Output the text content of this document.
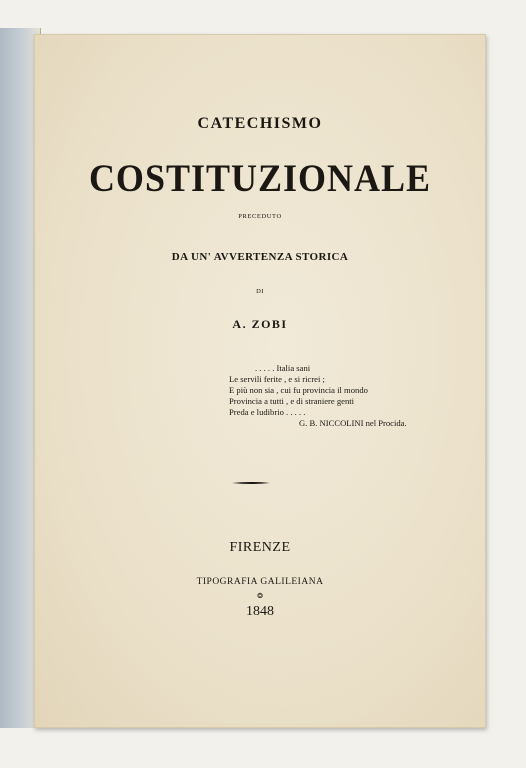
CATECHISMO
COSTITUZIONALE
PRECEDUTO
DA UN' AVVERTENZA STORICA
DI
A. ZOBI
. . . . . Italia sani
Le servili ferite , e si ricrei ;
E più non sia , cui fu provincia il mondo
Provincia a tutti , e di straniere genti
Preda e ludibrio . . . . .
G. B. NICCOLINI nel Procida.
FIRENZE
TIPOGRAFIA GALILEIANA
❂
1848
